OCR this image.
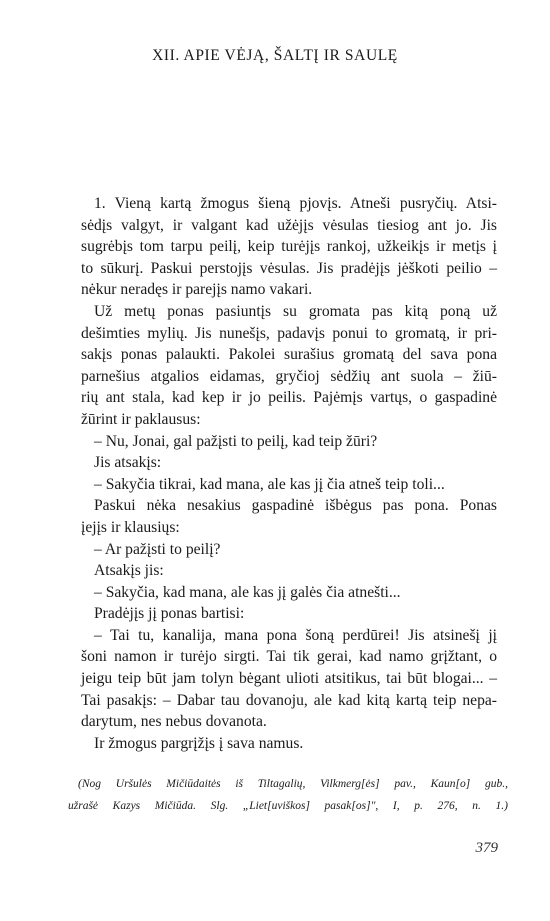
XII. APIE VĖJĄ, ŠALTĮ IR SAULĘ
1. Vieną kartą žmogus šieną pjovįs. Atneši pusryčių. Atsi-
sėdįs valgyt, ir valgant kad užėjįs vėsulas tiesiog ant jo. Jis
sugrėbįs tom tarpu peilį, keip turėjįs rankoj, užkeikįs ir metįs į
to sūkurį. Paskui perstojįs vėsulas. Jis pradėjįs jėškoti peilio –
nėkur neradęs ir parejįs namo vakari.
Už metų ponas pasiuntįs su gromata pas kitą poną už
dešimties mylių. Jis nunešįs, padavįs ponui to gromatą, ir pri-
sakįs ponas palaukti. Pakolei surašius gromatą del sava pona
parnešius atgalios eidamas, gryčioj sėdžių ant suola – žiū-
rių ant stala, kad kep ir jo peilis. Pajėmįs vartųs, o gaspadinė
žūrint ir paklausus:
– Nu, Jonai, gal pažįsti to peilį, kad teip žūri?
Jis atsakįs:
– Sakyčia tikrai, kad mana, ale kas jį čia atneš teip toli...
Paskui nėka nesakius gaspadinė išbėgus pas pona. Ponas
įejįs ir klausiųs:
– Ar pažįsti to peilį?
Atsakįs jis:
– Sakyčia, kad mana, ale kas jį galės čia atnešti...
Pradėjįs jį ponas bartisi:
– Tai tu, kanalija, mana pona šoną perdūrei! Jis atsinešį jį
šoni namon ir turėjo sirgti. Tai tik gerai, kad namo grįžtant, o
jeigu teip būt jam tolyn bėgant ulioti atsitikus, tai būt blogai... –
Tai pasakįs: – Dabar tau dovanoju, ale kad kitą kartą teip nepa-
darytum, nes nebus dovanota.
Ir žmogus pargrįžįs į sava namus.
(Nog Uršulės Mičiūdaitės iš Tiltagalių, Vilkmerg[ės] pav., Kaun[o] gub.,
užrašė Kazys Mičiūda. Slg. „Liet[uviškos] pasak[os]", I, p. 276, n. 1.)
379
